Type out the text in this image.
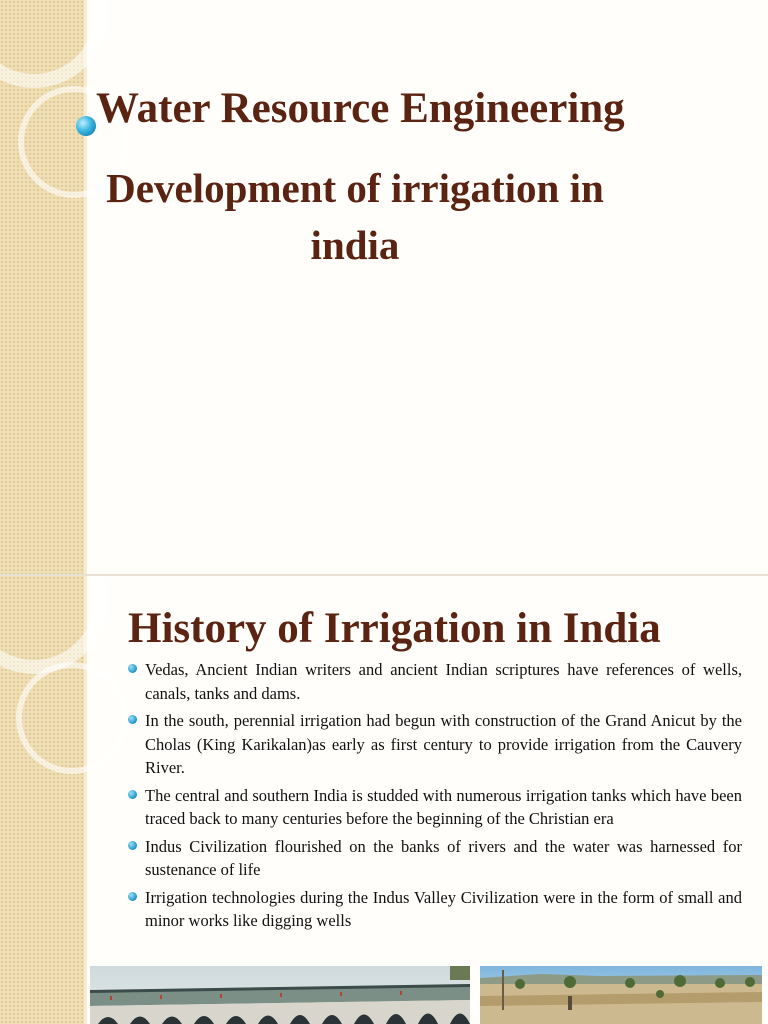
Water Resource Engineering
Development of irrigation in india
History of Irrigation in India
Vedas, Ancient Indian writers and ancient Indian scriptures have references of wells, canals, tanks and dams.
In the south, perennial irrigation had begun with construction of the Grand Anicut by the Cholas (King Karikalan)as early as first century to provide irrigation from the Cauvery River.
The central and southern India is studded with numerous irrigation tanks which have been traced back to many centuries before the beginning of the Christian era
Indus Civilization flourished on the banks of rivers and the water was harnessed for sustenance of life
Irrigation technologies during the Indus Valley Civilization were in the form of small and minor works like digging wells
